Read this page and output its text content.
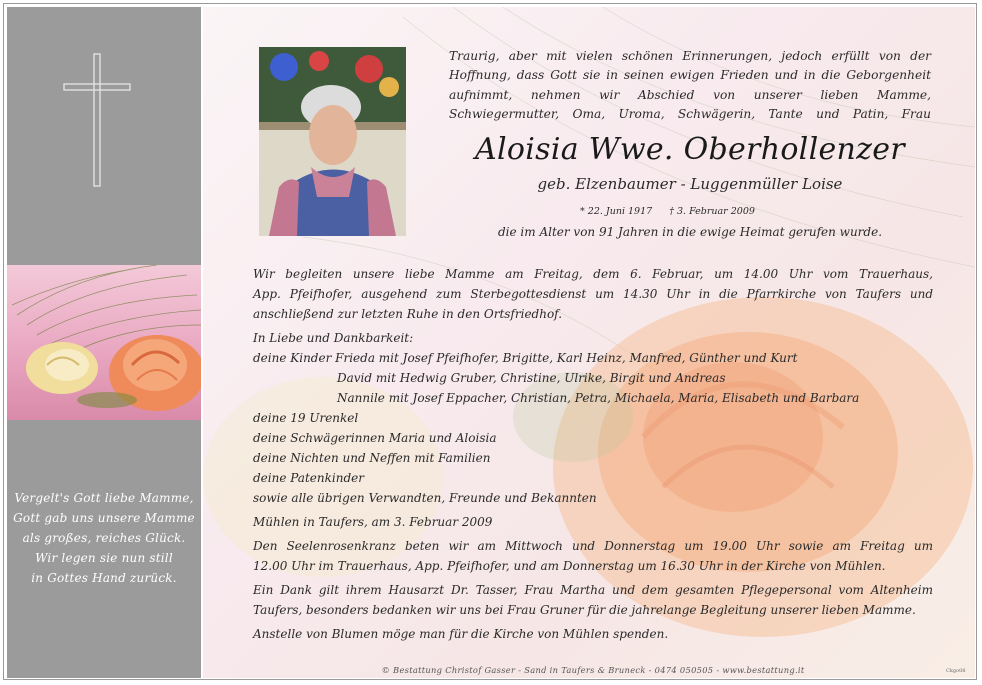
Vergelt's Gott liebe Mamme,
Gott gab uns unsere Mamme
als großes, reiches Glück.
Wir legen sie nun still
in Gottes Hand zurück.

Traurig, aber mit vielen schönen Erinnerungen, jedoch erfüllt von der Hoffnung, dass Gott sie in seinen ewigen Frieden und in die Geborgenheit aufnimmt, nehmen wir Abschied von unserer lieben Mamme, Schwiegermutter, Oma, Uroma, Schwägerin, Tante und Patin, Frau

Aloisia Wwe. Oberhollenzer
geb. Elzenbaumer - Luggenmüller Loise
* 22. Juni 1917 † 3. Februar 2009
die im Alter von 91 Jahren in die ewige Heimat gerufen wurde.
Wir begleiten unsere liebe Mamme am Freitag, dem 6. Februar, um 14.00 Uhr vom Trauerhaus,
App. Pfeifhofer, ausgehend zum Sterbegottesdienst um 14.30 Uhr in die Pfarrkirche von Taufers und
anschließend zur letzten Ruhe in den Ortsfriedhof.
In Liebe und Dankbarkeit:
deine Kinder Frieda mit Josef Pfeifhofer, Brigitte, Karl Heinz, Manfred, Günther und Kurt
David mit Hedwig Gruber, Christine, Ulrike, Birgit und Andreas
Nannile mit Josef Eppacher, Christian, Petra, Michaela, Maria, Elisabeth und Barbara
deine 19 Urenkel
deine Schwägerinnen Maria und Aloisia
deine Nichten und Neffen mit Familien
deine Patenkinder
sowie alle übrigen Verwandten, Freunde und Bekannten
Mühlen in Taufers, am 3. Februar 2009
Den Seelenrosenkranz beten wir am Mittwoch und Donnerstag um 19.00 Uhr sowie am Freitag um
12.00 Uhr im Trauerhaus, App. Pfeifhofer, und am Donnerstag um 16.30 Uhr in der Kirche von Mühlen.
Ein Dank gilt ihrem Hausarzt Dr. Tasser, Frau Martha und dem gesamten Pflegepersonal vom Altenheim
Taufers, besonders bedanken wir uns bei Frau Gruner für die jahrelange Begleitung unserer lieben Mamme.
Anstelle von Blumen möge man für die Kirche von Mühlen spenden.
© Bestattung Christof Gasser - Sand in Taufers & Bruneck - 0474 050505 - www.bestattung.it	Ckgo08
